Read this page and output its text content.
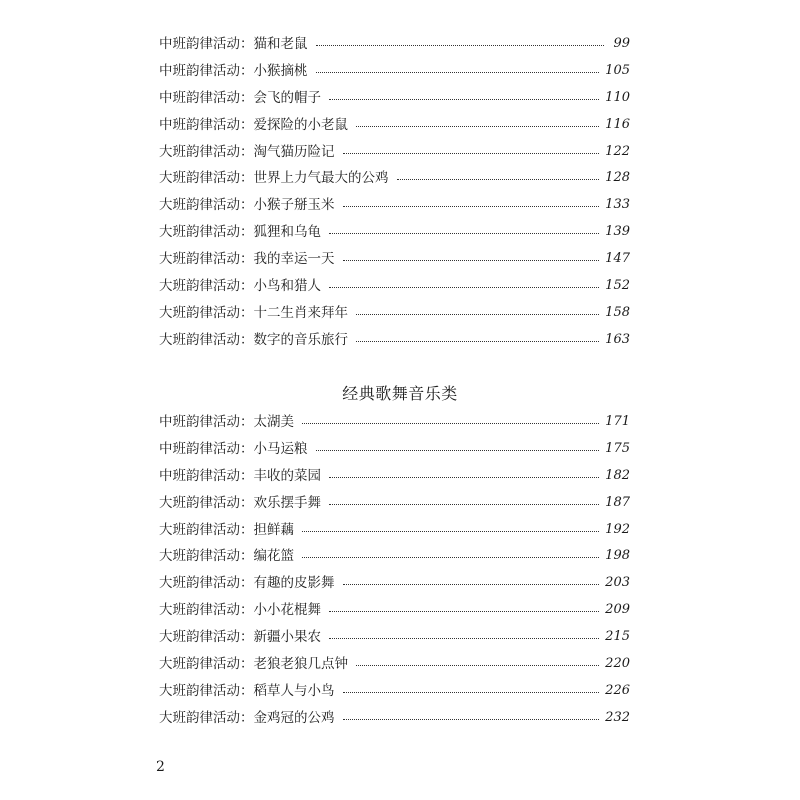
中班韵律活动： 猫和老鼠	99
中班韵律活动： 小猴摘桃	105
中班韵律活动： 会飞的帽子	110
中班韵律活动： 爱探险的小老鼠	116
大班韵律活动： 淘气猫历险记	122
大班韵律活动： 世界上力气最大的公鸡	128
大班韵律活动： 小猴子掰玉米	133
大班韵律活动： 狐狸和乌龟	139
大班韵律活动： 我的幸运一天	147
大班韵律活动： 小鸟和猎人	152
大班韵律活动： 十二生肖来拜年	158
大班韵律活动： 数字的音乐旅行	163
经典歌舞音乐类
中班韵律活动： 太湖美	171
中班韵律活动： 小马运粮	175
中班韵律活动： 丰收的菜园	182
大班韵律活动： 欢乐摆手舞	187
大班韵律活动： 担鲜藕	192
大班韵律活动： 编花篮	198
大班韵律活动： 有趣的皮影舞	203
大班韵律活动： 小小花棍舞	209
大班韵律活动： 新疆小果农	215
大班韵律活动： 老狼老狼几点钟	220
大班韵律活动： 稻草人与小鸟	226
大班韵律活动： 金鸡冠的公鸡	232
2
